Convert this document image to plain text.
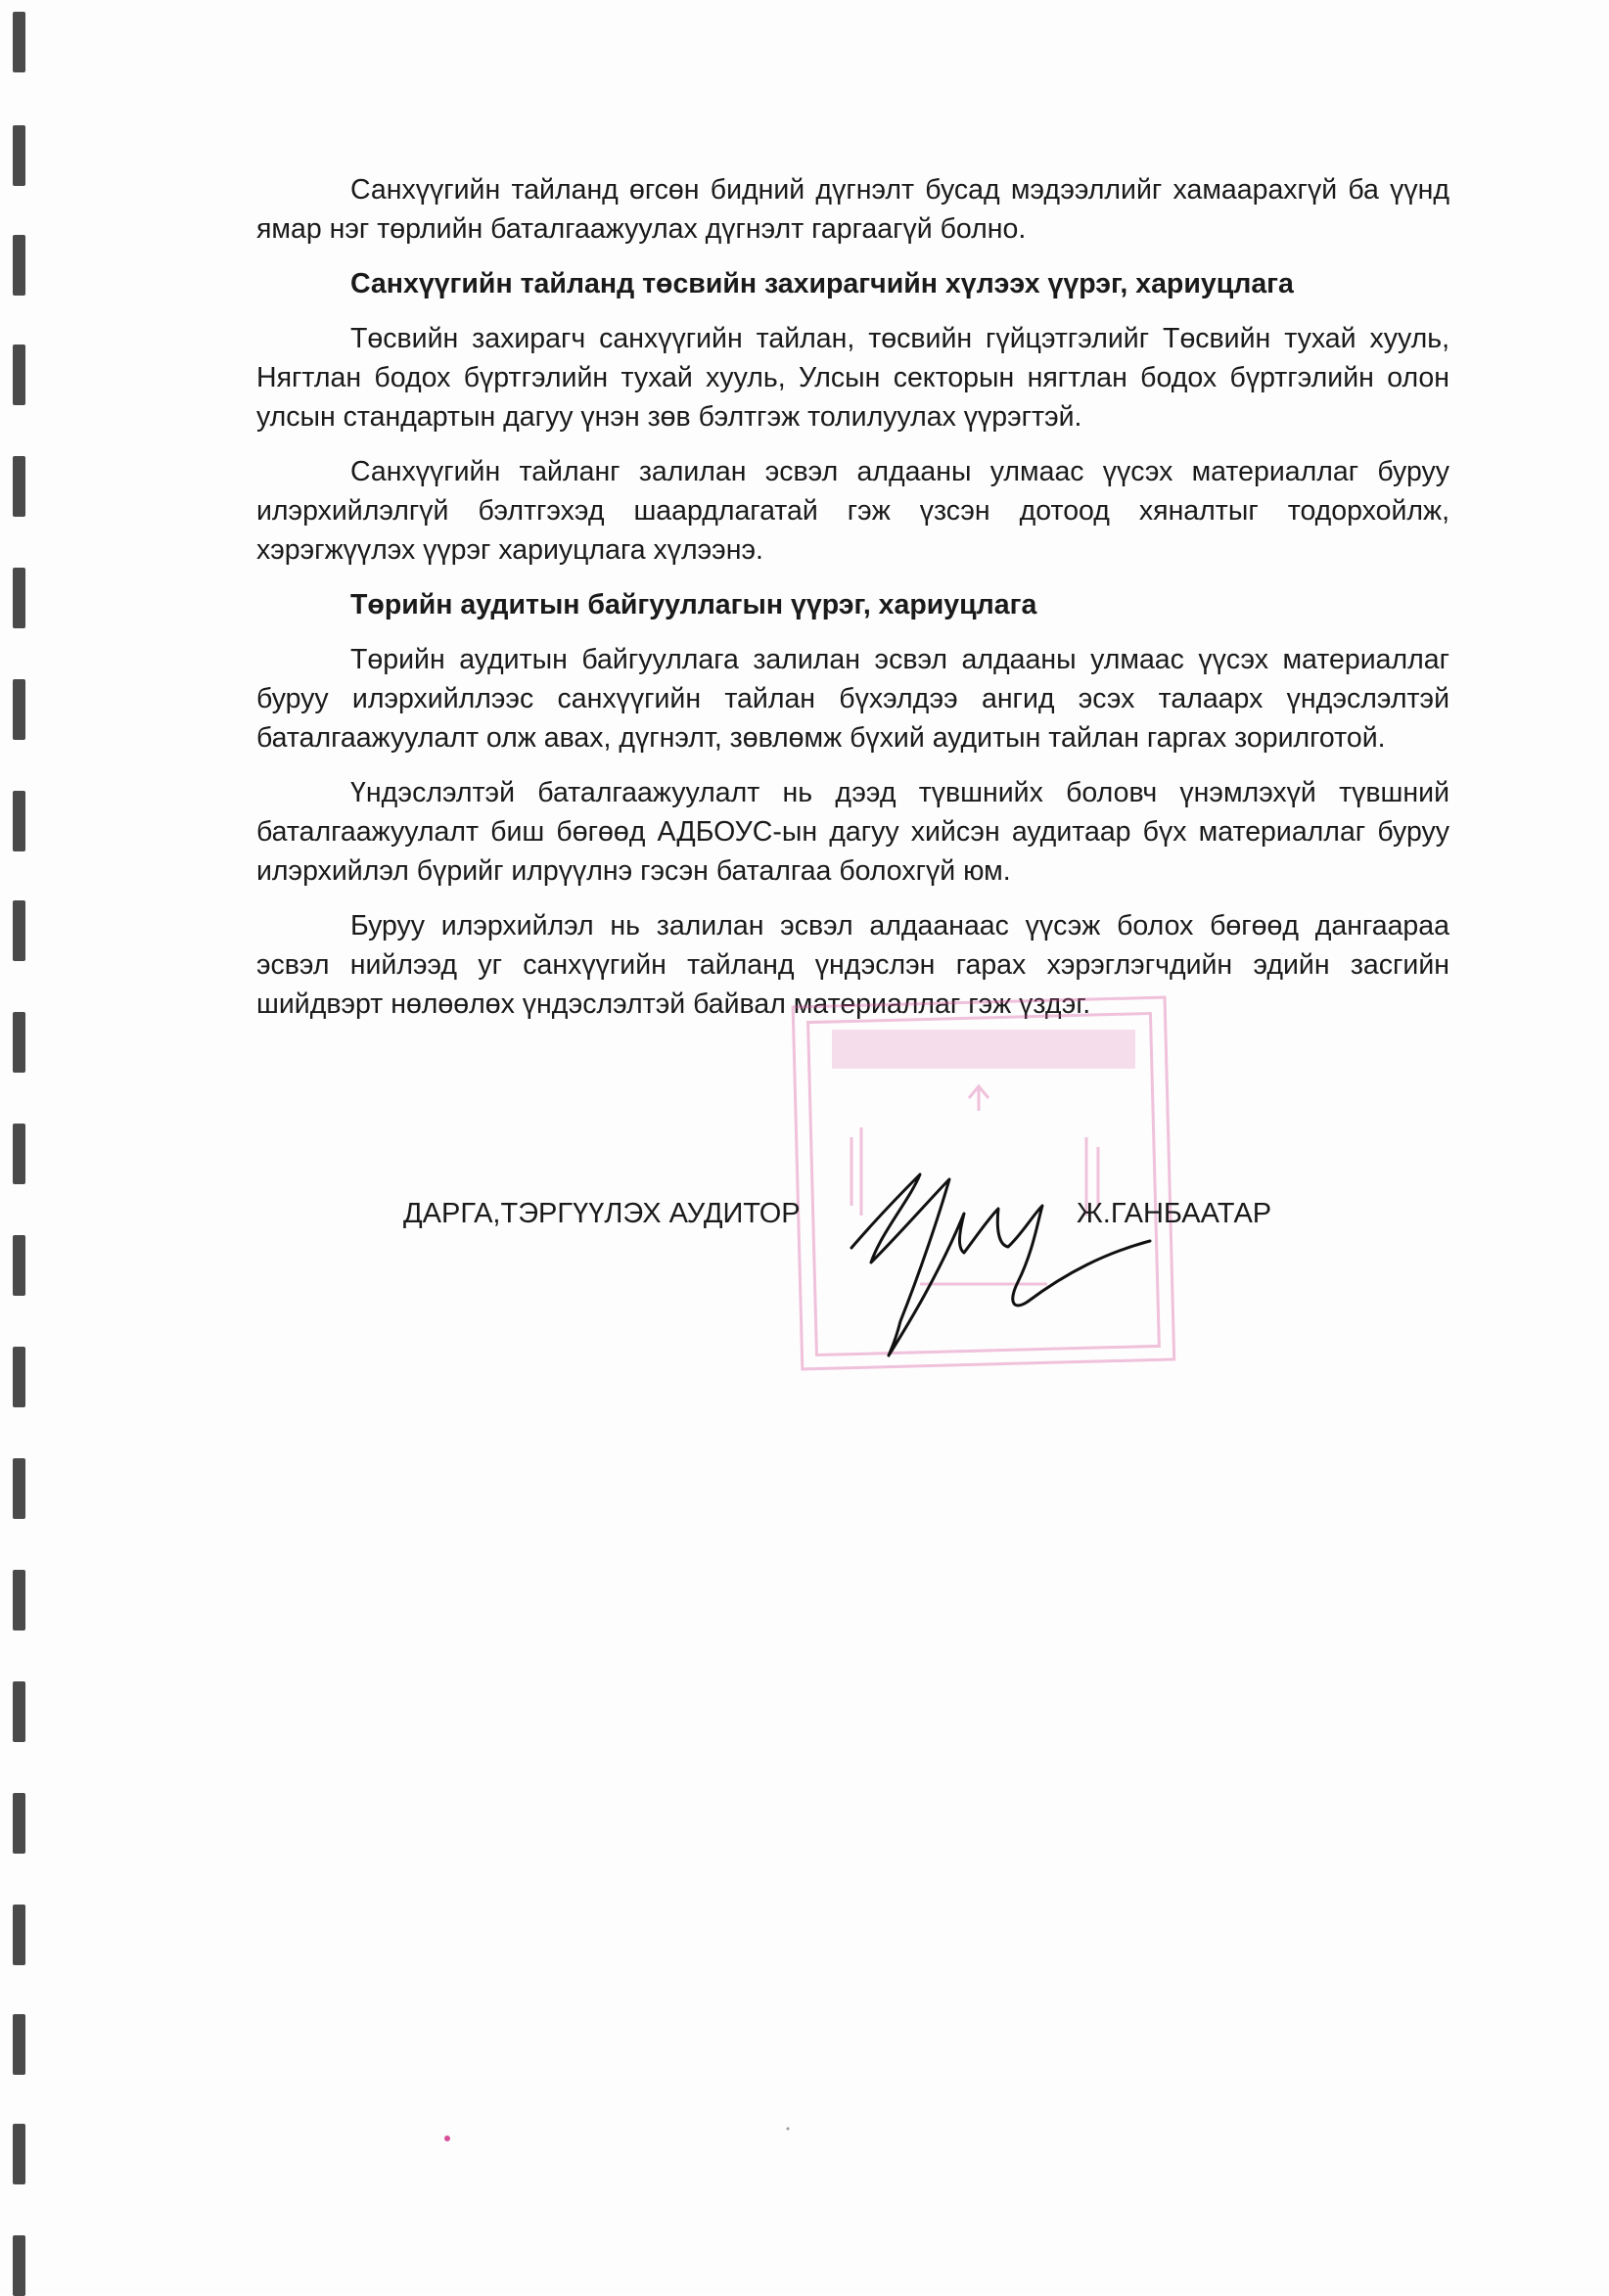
Санхүүгийн тайланд өгсөн бидний дүгнэлт бусад мэдээллийг хамаарахгүй ба үүнд ямар нэг төрлийн баталгаажуулах дүгнэлт гаргаагүй болно.

Санхүүгийн тайланд төсвийн захирагчийн хүлээх үүрэг, хариуцлага

Төсвийн захирагч санхүүгийн тайлан, төсвийн гүйцэтгэлийг Төсвийн тухай хууль, Нягтлан бодох бүртгэлийн тухай хууль, Улсын секторын нягтлан бодох бүртгэлийн олон улсын стандартын дагуу үнэн зөв бэлтгэж толилуулах үүрэгтэй.

Санхүүгийн тайланг залилан эсвэл алдааны улмаас үүсэх материаллаг буруу илэрхийлэлгүй бэлтгэхэд шаардлагатай гэж үзсэн дотоод хяналтыг тодорхойлж, хэрэгжүүлэх үүрэг хариуцлага хүлээнэ.

Төрийн аудитын байгууллагын үүрэг, хариуцлага

Төрийн аудитын байгууллага залилан эсвэл алдааны улмаас үүсэх материаллаг буруу илэрхийллээс санхүүгийн тайлан бүхэлдээ ангид эсэх талаарх үндэслэлтэй баталгаажуулалт олж авах, дүгнэлт, зөвлөмж бүхий аудитын тайлан гаргах зорилготой.

Үндэслэлтэй баталгаажуулалт нь дээд түвшнийх боловч үнэмлэхүй түвшний баталгаажуулалт биш бөгөөд АДБОУС-ын дагуу хийсэн аудитаар бүх материаллаг буруу илэрхийлэл бүрийг илрүүлнэ гэсэн баталгаа болохгүй юм.

Буруу илэрхийлэл нь залилан эсвэл алдаанаас үүсэж болох бөгөөд дангаараа эсвэл нийлээд уг санхүүгийн тайланд үндэслэн гарах хэрэглэгчдийн эдийн засгийн шийдвэрт нөлөөлөх үндэслэлтэй байвал материаллаг гэж үздэг.

ДАРГА,ТЭРГҮҮЛЭХ АУДИТОР	Ж.ГАНБААТАР
